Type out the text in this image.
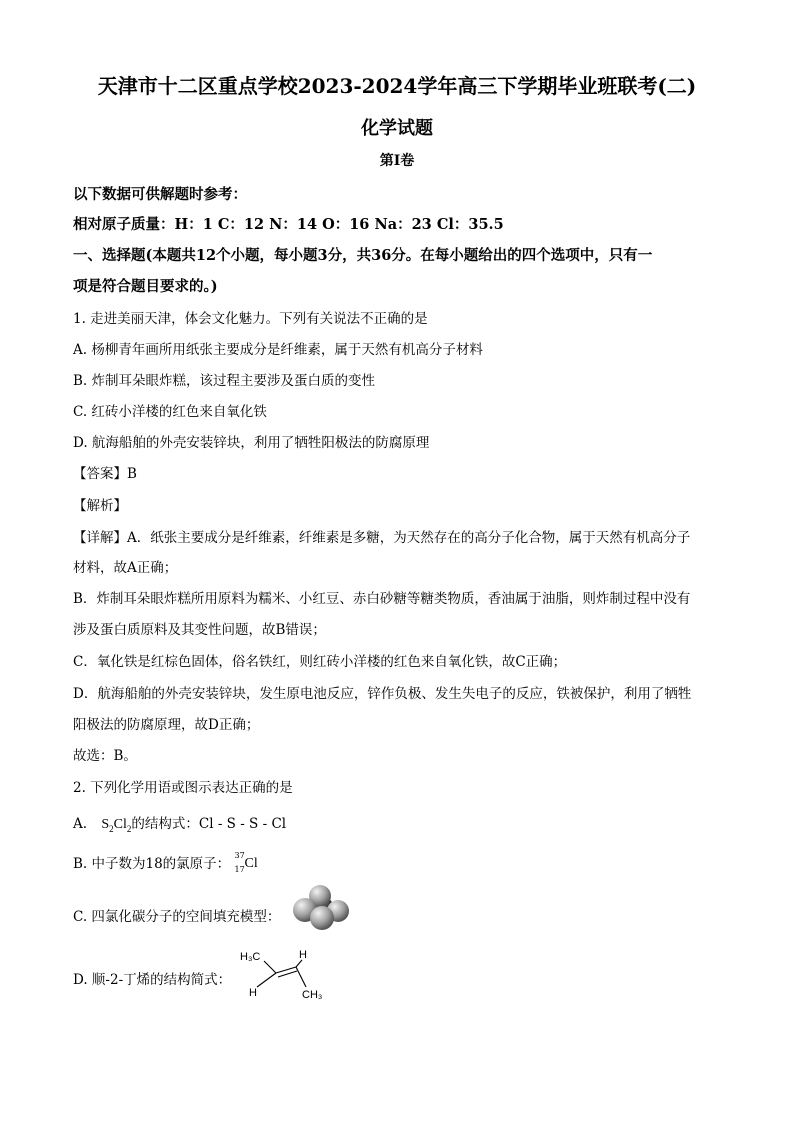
天津市十二区重点学校2023-2024学年高三下学期毕业班联考(二)
化学试题
第I卷
以下数据可供解题时参考：
相对原子质量：H：1 C：12 N：14 O：16 Na：23 Cl：35.5
一、选择题(本题共12个小题，每小题3分，共36分。在每小题给出的四个选项中，只有一
项是符合题目要求的。)
1. 走进美丽天津，体会文化魅力。下列有关说法不正确的是
A. 杨柳青年画所用纸张主要成分是纤维素，属于天然有机高分子材料
B. 炸制耳朵眼炸糕，该过程主要涉及蛋白质的变性
C. 红砖小洋楼的红色来自氧化铁
D. 航海船舶的外壳安装锌块，利用了牺牲阳极法的防腐原理
【答案】B
【解析】
【详解】A．纸张主要成分是纤维素，纤维素是多糖，为天然存在的高分子化合物，属于天然有机高分子
材料，故A正确；
B．炸制耳朵眼炸糕所用原料为糯米、小红豆、赤白砂糖等糖类物质，香油属于油脂，则炸制过程中没有
涉及蛋白质原料及其变性问题，故B错误；
C．氧化铁是红棕色固体，俗名铁红，则红砖小洋楼的红色来自氧化铁，故C正确；
D．航海船舶的外壳安装锌块，发生原电池反应，锌作负极、发生失电子的反应，铁被保护，利用了牺牲
阳极法的防腐原理，故D正确；
故选：B。
2. 下列化学用语或图示表达正确的是
A. $S_2Cl_2$的结构式：Cl - S - S - Cl
B. 中子数为18的氯原子：
37
17 Cl
C. 四氯化碳分子的空间填充模型：
D. 顺-2-丁烯的结构简式：
H₃C	H
H	CH₃
